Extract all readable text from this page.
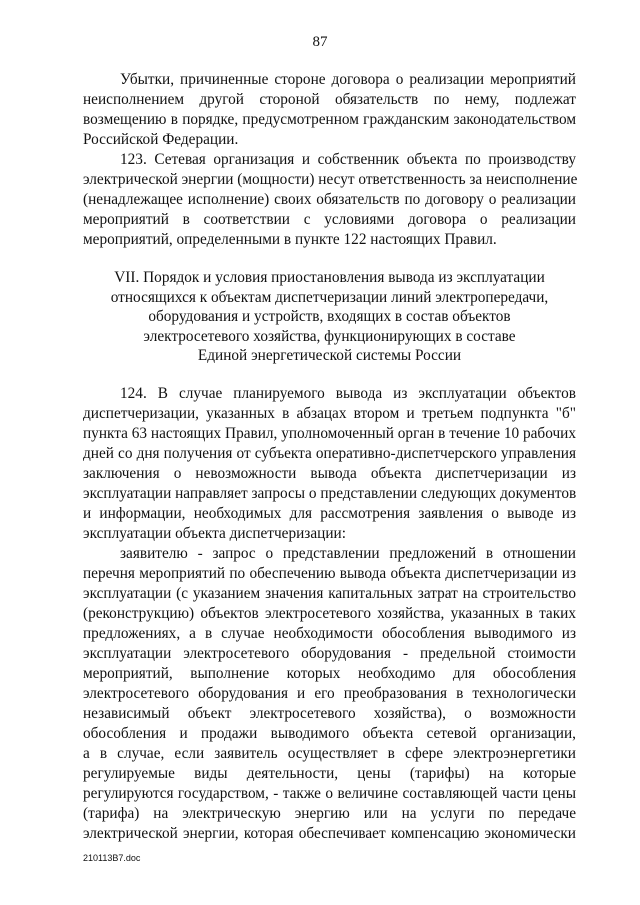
87
Убытки, причиненные стороне договора о реализации мероприятий
неисполнением другой стороной обязательств по нему, подлежат
возмещению в порядке, предусмотренном гражданским законодательством
Российской Федерации.
123. Сетевая организация и собственник объекта по производству
электрической энергии (мощности) несут ответственность за неисполнение
(ненадлежащее исполнение) своих обязательств по договору о реализации
мероприятий в соответствии с условиями договора о реализации
мероприятий, определенными в пункте 122 настоящих Правил.
VII. Порядок и условия приостановления вывода из эксплуатации
относящихся к объектам диспетчеризации линий электропередачи,
оборудования и устройств, входящих в состав объектов
электросетевого хозяйства, функционирующих в составе
Единой энергетической системы России
124. В случае планируемого вывода из эксплуатации объектов
диспетчеризации, указанных в абзацах втором и третьем подпункта "б"
пункта 63 настоящих Правил, уполномоченный орган в течение 10 рабочих
дней со дня получения от субъекта оперативно-диспетчерского управления
заключения о невозможности вывода объекта диспетчеризации из
эксплуатации направляет запросы о представлении следующих документов
и информации, необходимых для рассмотрения заявления о выводе из
эксплуатации объекта диспетчеризации:
заявителю - запрос о представлении предложений в отношении
перечня мероприятий по обеспечению вывода объекта диспетчеризации из
эксплуатации (с указанием значения капитальных затрат на строительство
(реконструкцию) объектов электросетевого хозяйства, указанных в таких
предложениях, а в случае необходимости обособления выводимого из
эксплуатации электросетевого оборудования - предельной стоимости
мероприятий, выполнение которых необходимо для обособления
электросетевого оборудования и его преобразования в технологически
независимый объект электросетевого хозяйства), о возможности
обособления и продажи выводимого объекта сетевой организации,
а в случае, если заявитель осуществляет в сфере электроэнергетики
регулируемые виды деятельности, цены (тарифы) на которые
регулируются государством, - также о величине составляющей части цены
(тарифа) на электрическую энергию или на услуги по передаче
электрической энергии, которая обеспечивает компенсацию экономически
210113B7.doc
